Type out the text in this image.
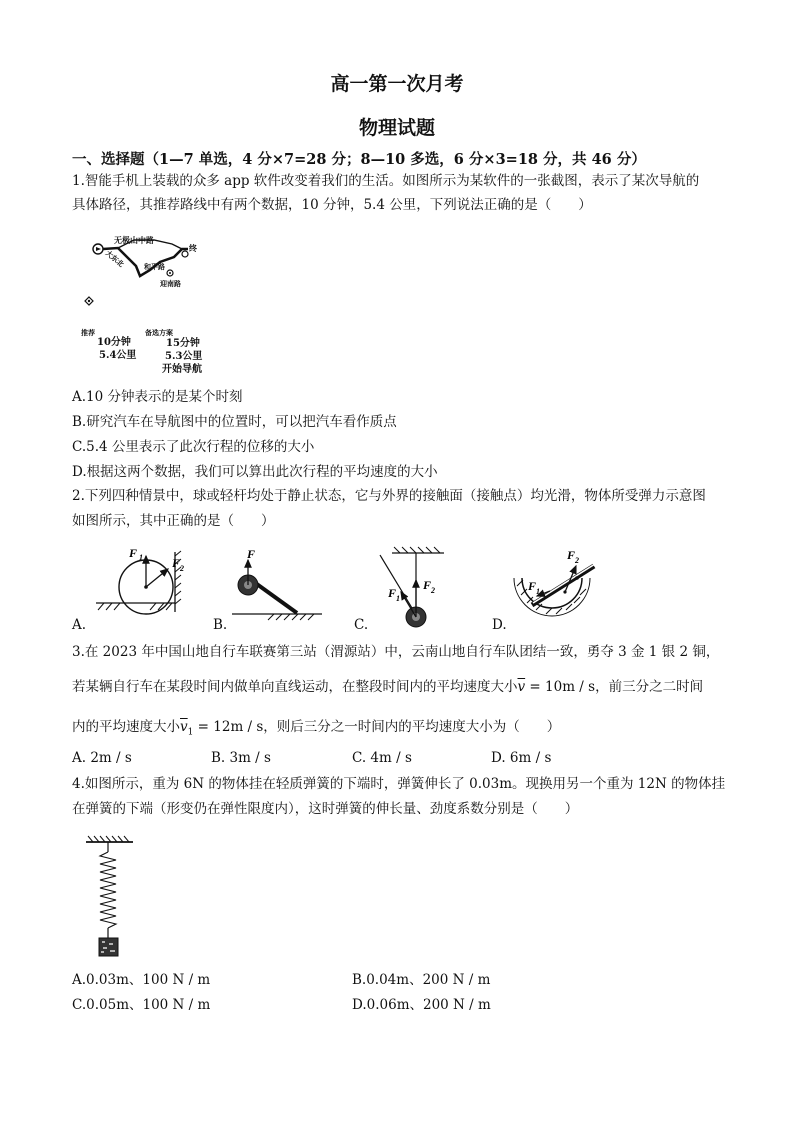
高一第一次月考
物理试题
一、选择题（1—7 单选，4 分×7=28 分；8—10 多选，6 分×3=18 分，共 46 分）
1.智能手机上装载的众多 app 软件改变着我们的生活。如图所示为某软件的一张截图，表示了某次导航的
具体路径，其推荐路线中有两个数据，10 分钟，5.4 公里，下列说法正确的是（　　）
无极山中路
大东北	和平路
迎南路
终
推荐
10分钟
5.4公里
备选方案
15分钟
5.3公里
开始导航
A.10 分钟表示的是某个时刻
B.研究汽车在导航图中的位置时，可以把汽车看作质点
C.5.4 公里表示了此次行程的位移的大小
D.根据这两个数据，我们可以算出此次行程的平均速度的大小
2.下列四种情景中，球或轻杆均处于静止状态，它与外界的接触面（接触点）均光滑，物体所受弹力示意图
如图所示，其中正确的是（　　）
F 1 F 2
F
F 2
F 1
F 1
F 2
A.	B.	C.	D.
3.在 2023 年中国山地自行车联赛第三站（渭源站）中，云南山地自行车队团结一致，勇夺 3 金 1 银 2 铜，
若某辆自行车在某段时间内做单向直线运动，在整段时间内的平均速度大小$\overline{v} = 10m / s$，前三分之二时间
内的平均速度大小$\overline{v}_1 = 12m / s$，则后三分之一时间内的平均速度大小为（　　）
A. 2m / s	B. 3m / s	C. 4m / s	D. 6m / s
4.如图所示，重为 6N 的物体挂在轻质弹簧的下端时，弹簧伸长了 0.03m。现换用另一个重为 12N 的物体挂
在弹簧的下端（形变仍在弹性限度内），这时弹簧的伸长量、劲度系数分别是（　　）
A.0.03m、100 N / m	B.0.04m、200 N / m
C.0.05m、100 N / m	D.0.06m、200 N / m
